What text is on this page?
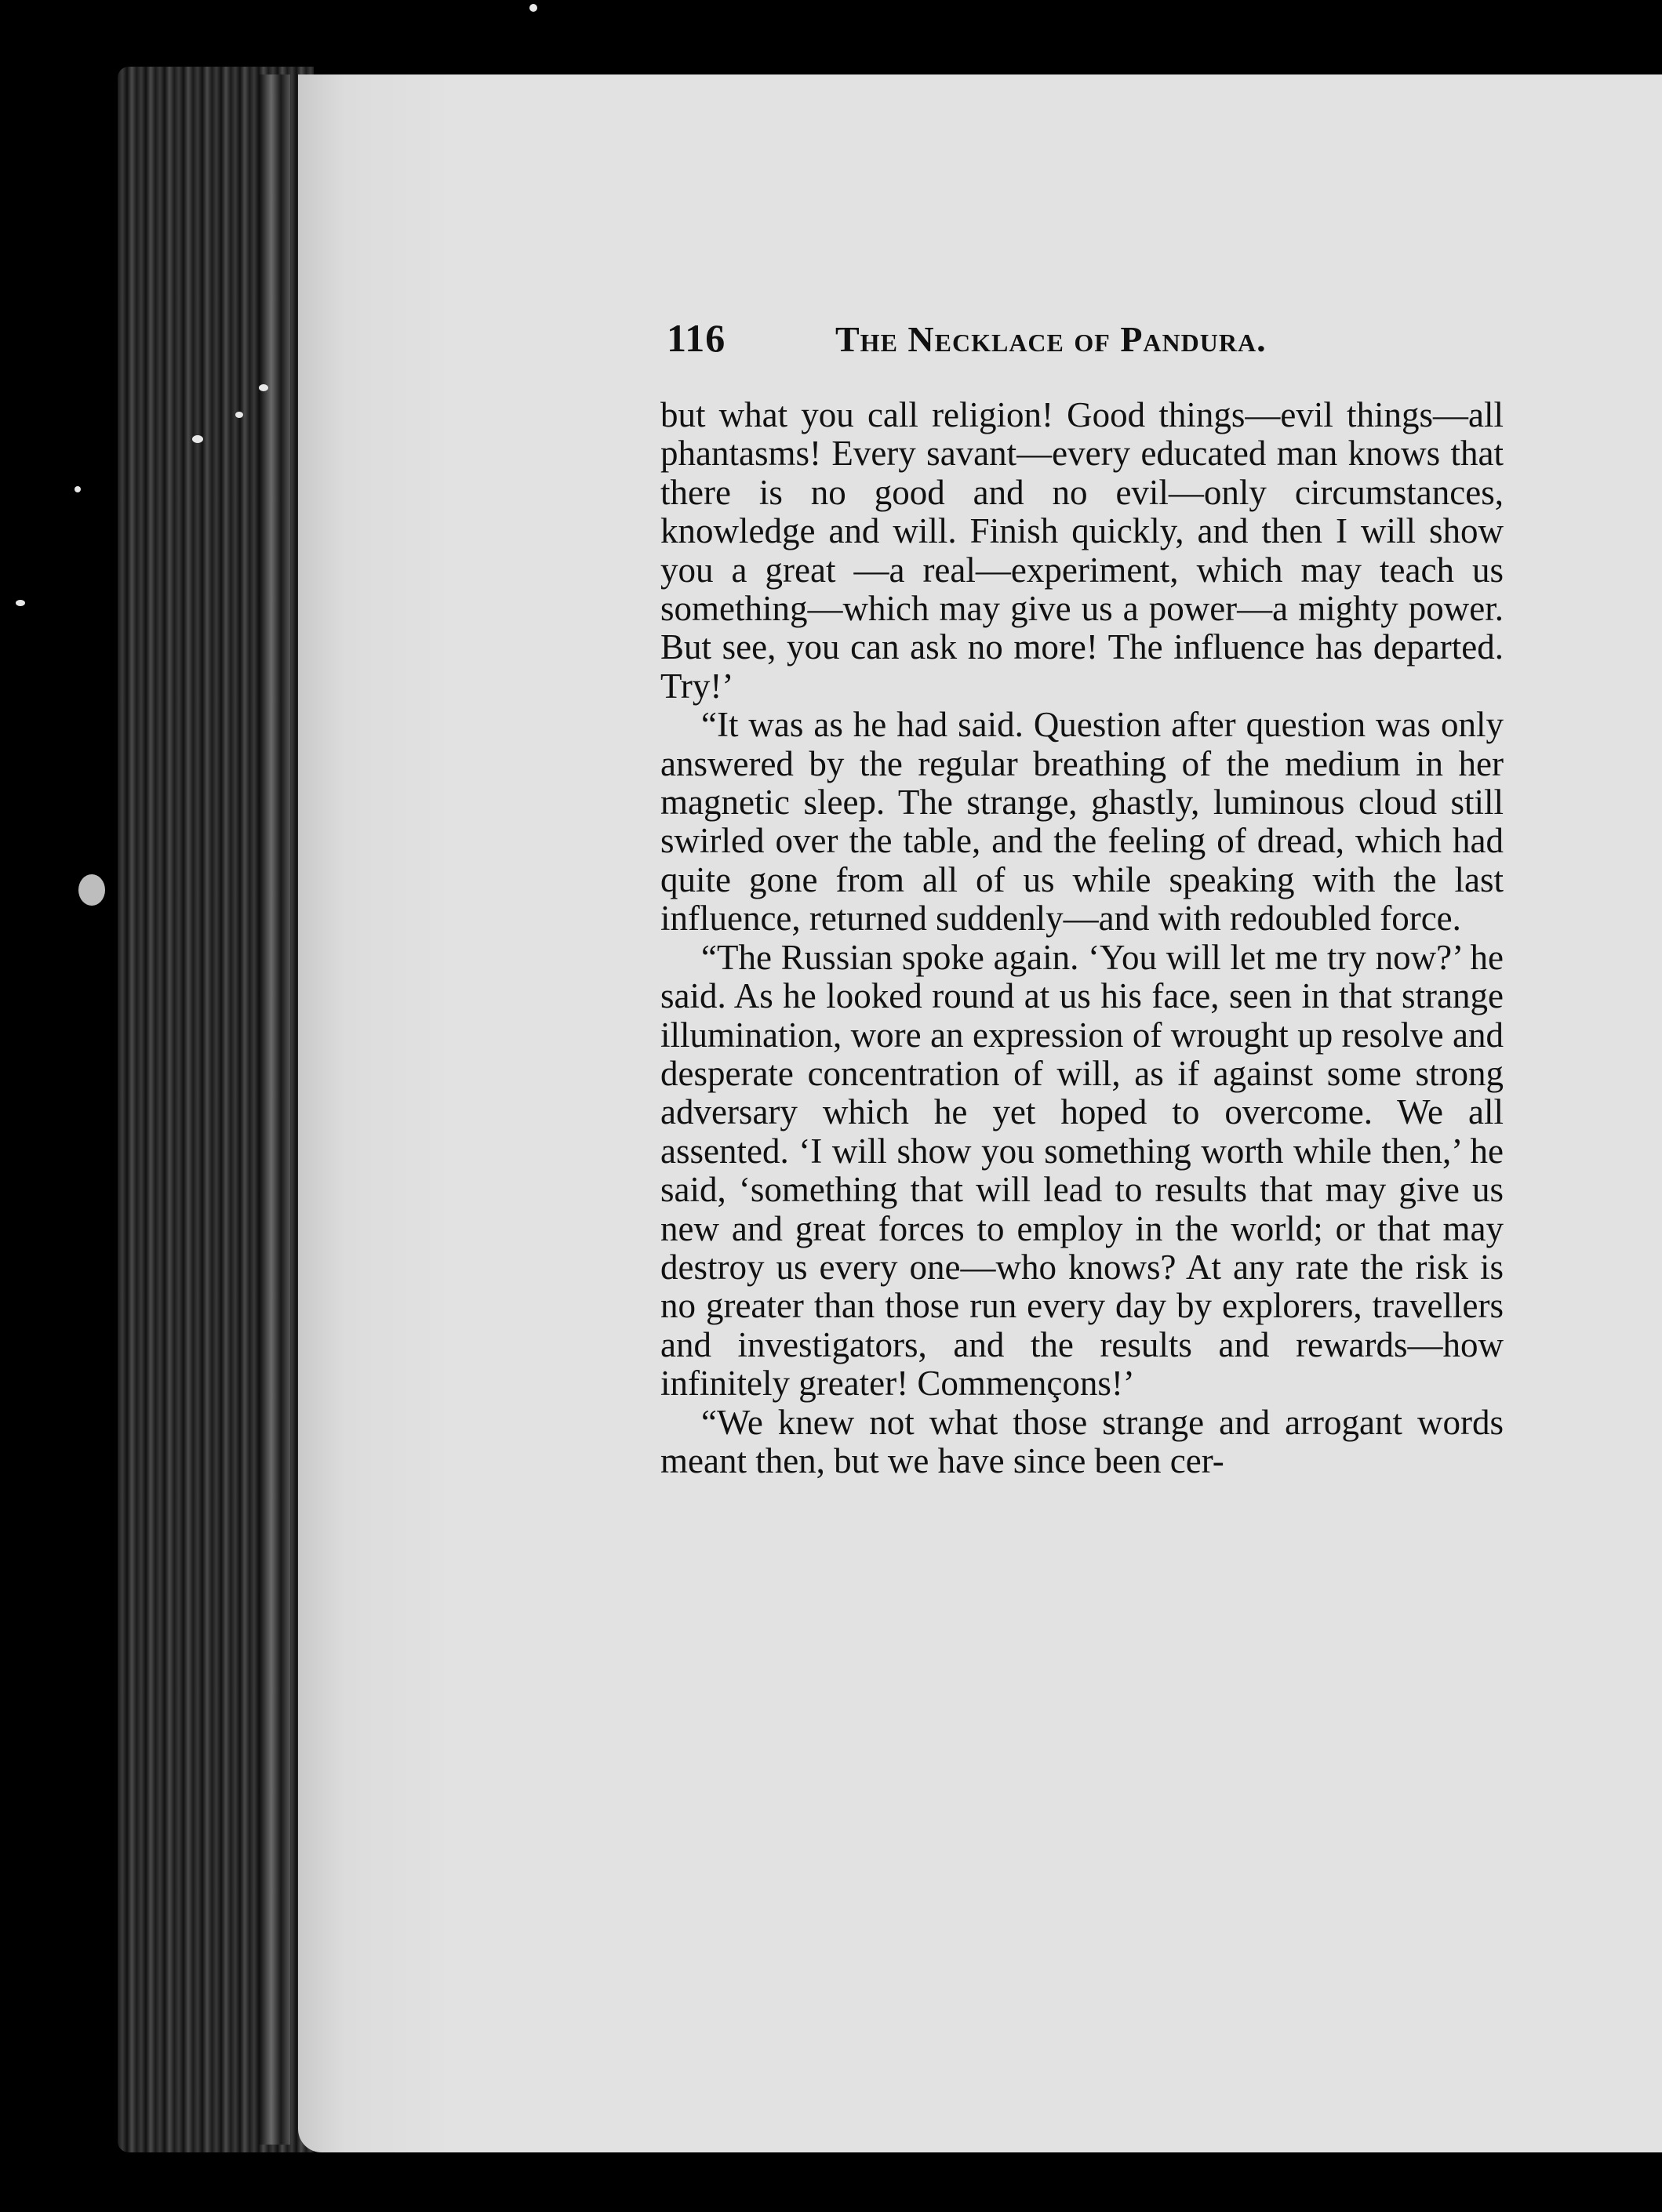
116	The Necklace of Pandura.

but what you call religion! Good things—evil things—all phantasms! Every savant—every educated man knows that there is no good and no evil—only circumstances, knowledge and will. Finish quickly, and then I will show you a great —a real—experiment, which may teach us something—which may give us a power—a mighty power. But see, you can ask no more! The influence has departed. Try!’

“It was as he had said. Question after question was only answered by the regular breathing of the medium in her magnetic sleep. The strange, ghastly, luminous cloud still swirled over the table, and the feeling of dread, which had quite gone from all of us while speaking with the last influence, returned suddenly—and with redoubled force.

“The Russian spoke again. ‘You will let me try now?’ he said. As he looked round at us his face, seen in that strange illumination, wore an expression of wrought up resolve and desperate concentration of will, as if against some strong adversary which he yet hoped to overcome. We all assented. ‘I will show you something worth while then,’ he said, ‘something that will lead to results that may give us new and great forces to employ in the world; or that may destroy us every one—who knows? At any rate the risk is no greater than those run every day by explorers, travellers and investigators, and the results and rewards—how infinitely greater! Commençons!’

“We knew not what those strange and arrogant words meant then, but we have since been cer-
